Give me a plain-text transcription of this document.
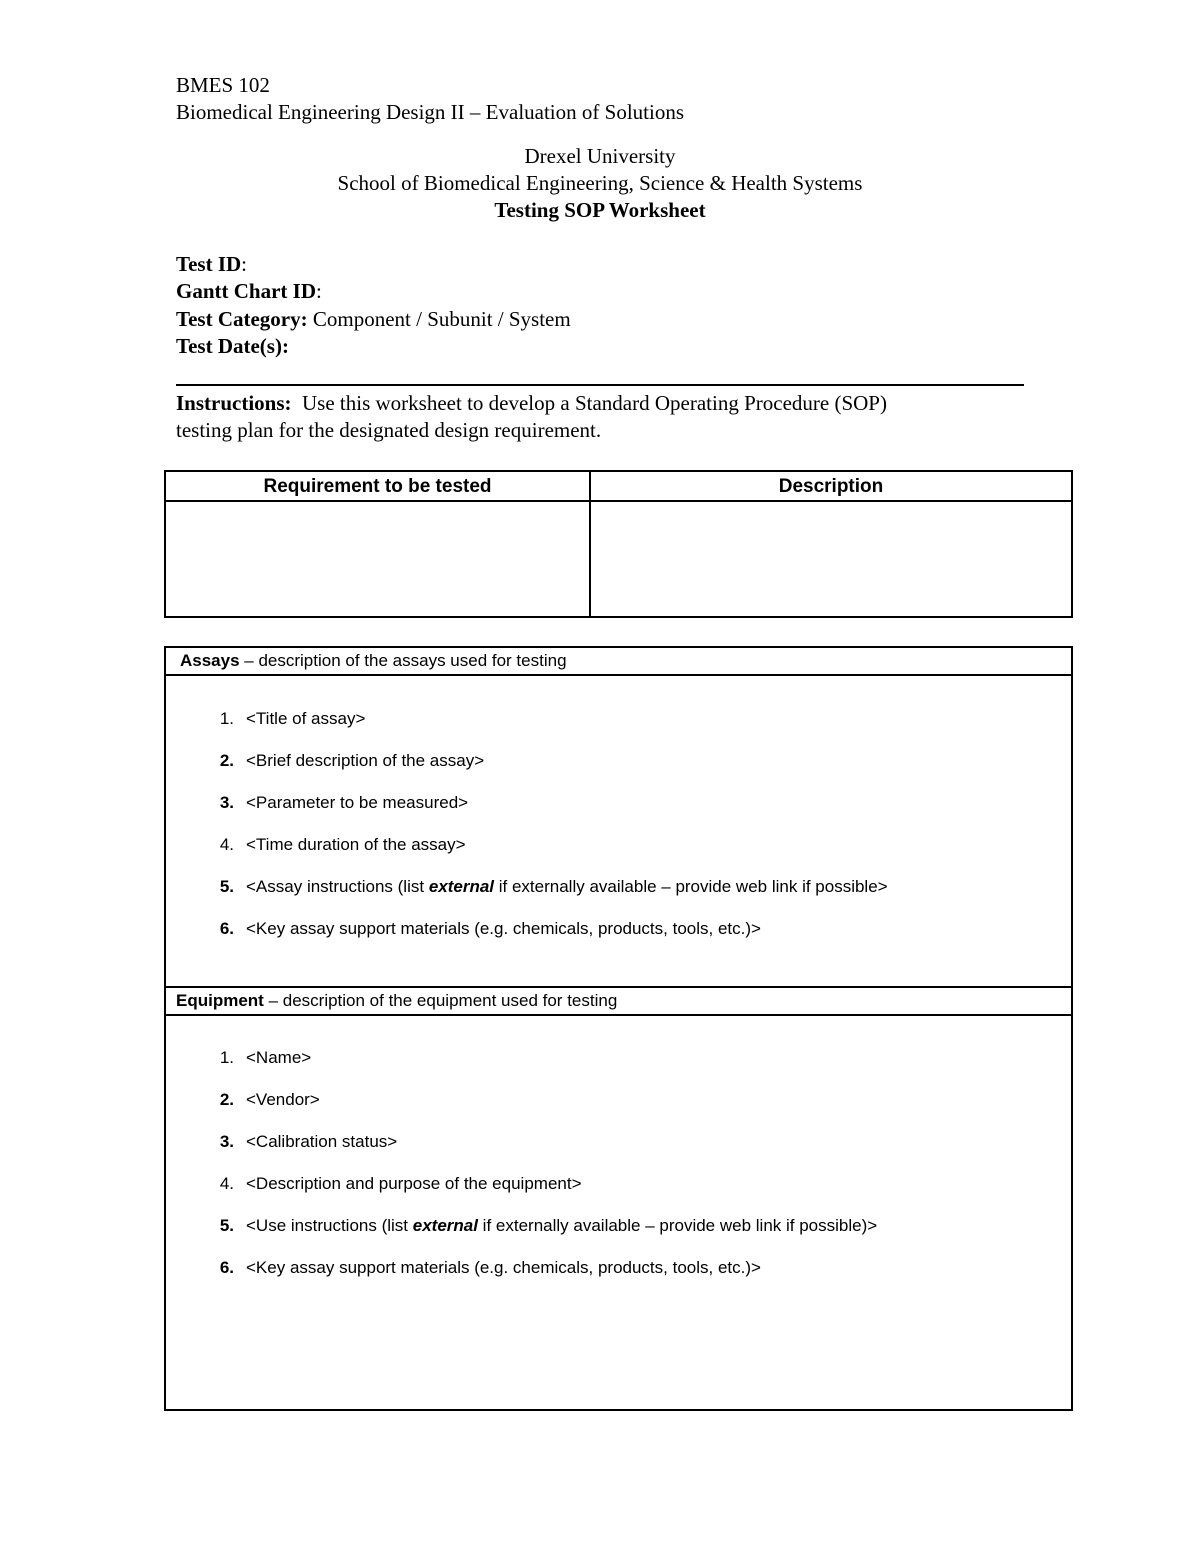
BMES 102
Biomedical Engineering Design II – Evaluation of Solutions
Drexel University
School of Biomedical Engineering, Science & Health Systems
Testing SOP Worksheet
Test ID:
Gantt Chart ID:
Test Category: Component / Subunit / System
Test Date(s):
Instructions:  Use this worksheet to develop a Standard Operating Procedure (SOP)
testing plan for the designated design requirement.
Requirement to be tested	Description
Assays – description of the assays used for testing
1. <Title of assay>
2. <Brief description of the assay>
3. <Parameter to be measured>
4. <Time duration of the assay>
5. <Assay instructions (list external if externally available – provide web link if possible>
6. <Key assay support materials (e.g. chemicals, products, tools, etc.)>
Equipment – description of the equipment used for testing
1. <Name>
2. <Vendor>
3. <Calibration status>
4. <Description and purpose of the equipment>
5. <Use instructions (list external if externally available – provide web link if possible)>
6. <Key assay support materials (e.g. chemicals, products, tools, etc.)>
